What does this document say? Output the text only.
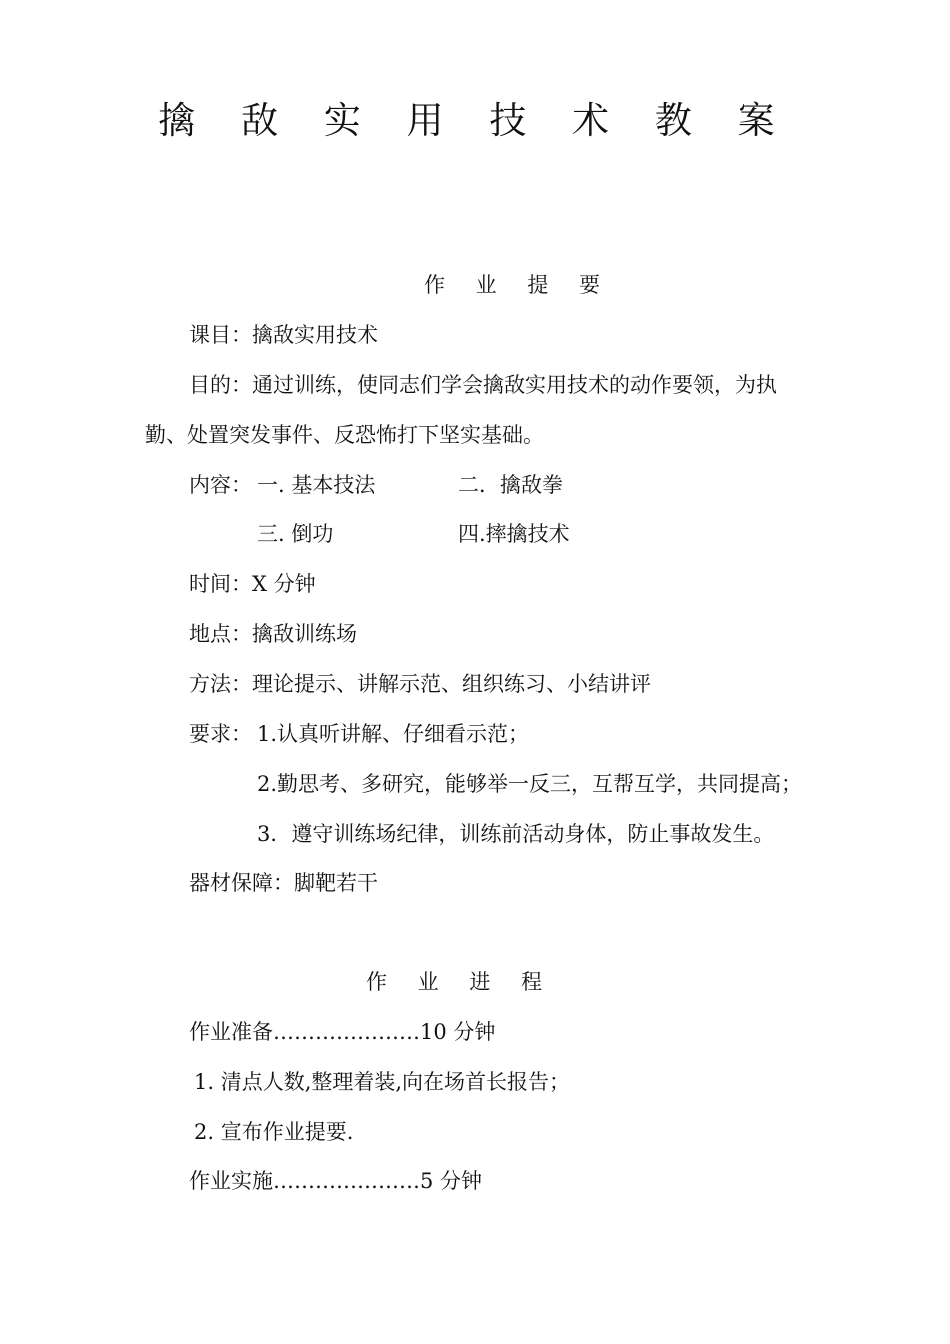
擒 敌 实 用 技 术 教 案
作 业 提 要
课目：擒敌实用技术
目的：通过训练，使同志们学会擒敌实用技术的动作要领，为执
勤、处置突发事件、反恐怖打下坚实基础。
内容： 一. 基本技法	二．擒敌拳
三. 倒功	四.摔擒技术
时间：X 分钟
地点：擒敌训练场
方法：理论提示、讲解示范、组织练习、小结讲评
要求： 1.认真听讲解、仔细看示范；
2.勤思考、多研究，能够举一反三，互帮互学，共同提高；
3．遵守训练场纪律，训练前活动身体，防止事故发生。
器材保障：脚靶若干
作 业 进 程
作业准备…………………10 分钟
1. 清点人数,整理着装,向在场首长报告；
2. 宣布作业提要.
作业实施…………………5 分钟
